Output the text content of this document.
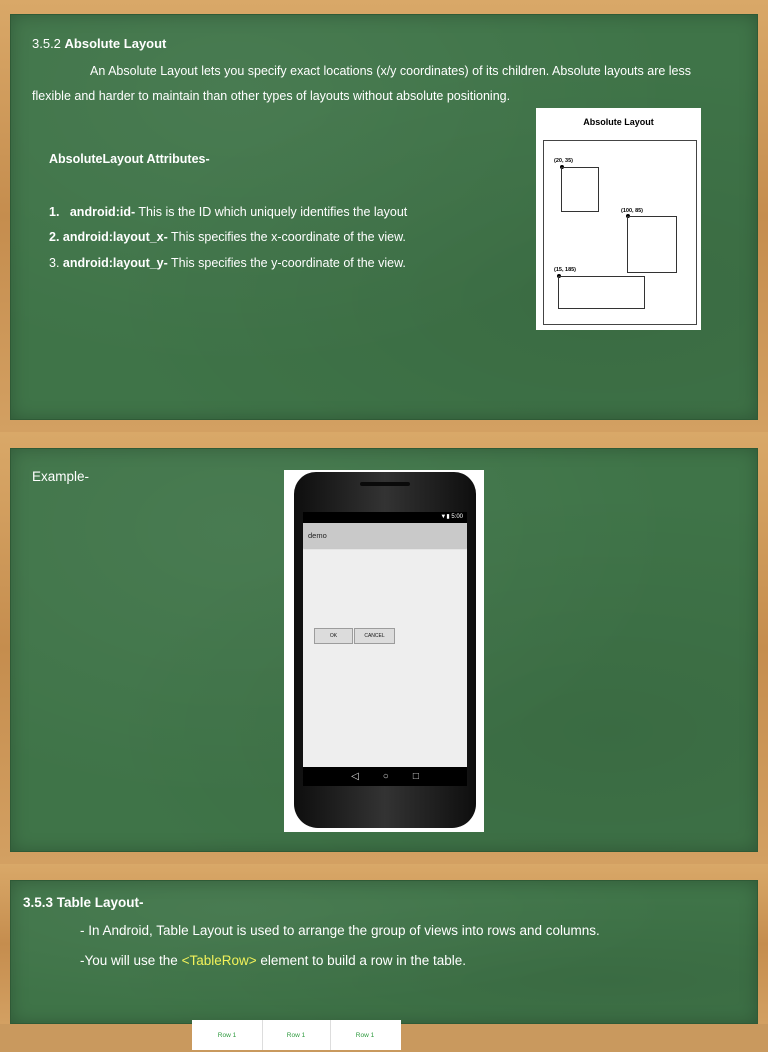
3.5.2 Absolute Layout
An Absolute Layout lets you specify exact locations (x/y coordinates) of its children. Absolute layouts are less
flexible and harder to maintain than other types of layouts without absolute positioning.
AbsoluteLayout Attributes-
1. android:id- This is the ID which uniquely identifies the layout
2. android:layout_x- This specifies the x-coordinate of the view.
3. android:layout_y- This specifies the y-coordinate of the view.
Absolute Layout
(20, 35)
(100, 85)
(15, 185)
Example-
▼▮ 5:00
demo
OK	CANCEL
◁ ○ □
3.5.3 Table Layout-
- In Android, Table Layout is used to arrange the group of views into rows and columns.
-You will use the <TableRow> element to build a row in the table.
Row 1	Row 1	Row 1
